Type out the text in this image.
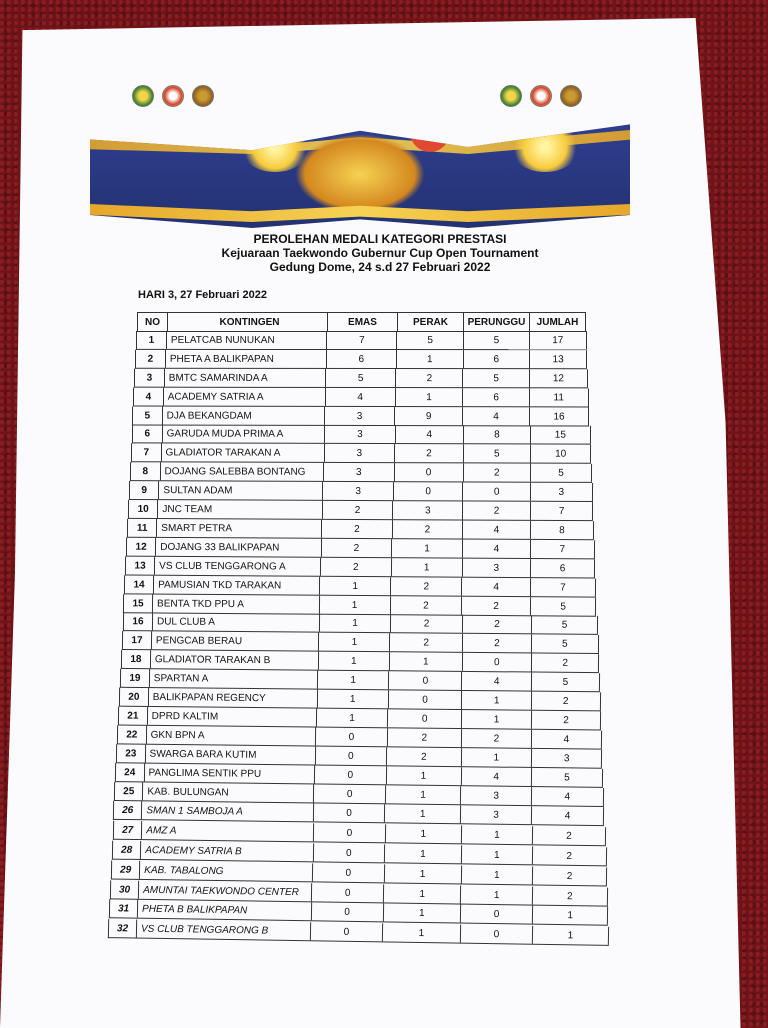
PEROLEHAN MEDALI KATEGORI PRESTASI
Kejuaraan Taekwondo Gubernur Cup Open Tournament
Gedung Dome, 24 s.d 27 Februari 2022
HARI 3, 27 Februari 2022
NO	KONTINGEN	EMAS	PERAK	PERUNGGU	JUMLAH
1	PELATCAB NUNUKAN	7	5	5	17
2	PHETA A BALIKPAPAN	6	1	6	13
3	BMTC SAMARINDA A	5	2	5	12
4	ACADEMY SATRIA A	4	1	6	11
5	DJA BEKANGDAM	3	9	4	16
6	GARUDA MUDA PRIMA A	3	4	8	15
7	GLADIATOR TARAKAN A	3	2	5	10
8	DOJANG SALEBBA BONTANG	3	0	2	5
9	SULTAN ADAM	3	0	0	3
10	JNC TEAM	2	3	2	7
11	SMART PETRA	2	2	4	8
12	DOJANG 33 BALIKPAPAN	2	1	4	7
13	VS CLUB TENGGARONG A	2	1	3	6
14	PAMUSIAN TKD TARAKAN	1	2	4	7
15	BENTA TKD PPU A	1	2	2	5
16	DUL CLUB A	1	2	2	5
17	PENGCAB BERAU	1	2	2	5
18	GLADIATOR TARAKAN B	1	1	0	2
19	SPARTAN A	1	0	4	5
20	BALIKPAPAN REGENCY	1	0	1	2
21	DPRD KALTIM	1	0	1	2
22	GKN BPN A	0	2	2	4
23	SWARGA BARA KUTIM	0	2	1	3
24	PANGLIMA SENTIK PPU	0	1	4	5
25	KAB. BULUNGAN	0	1	3	4
26	SMAN 1 SAMBOJA A	0	1	3	4
27	AMZ A	0	1	1	2
28	ACADEMY SATRIA B	0	1	1	2
29	KAB. TABALONG	0	1	1	2
30	AMUNTAI TAEKWONDO CENTER	0	1	1	2
31	PHETA B BALIKPAPAN	0	1	0	1
32	VS CLUB TENGGARONG B	0	1	0	1
